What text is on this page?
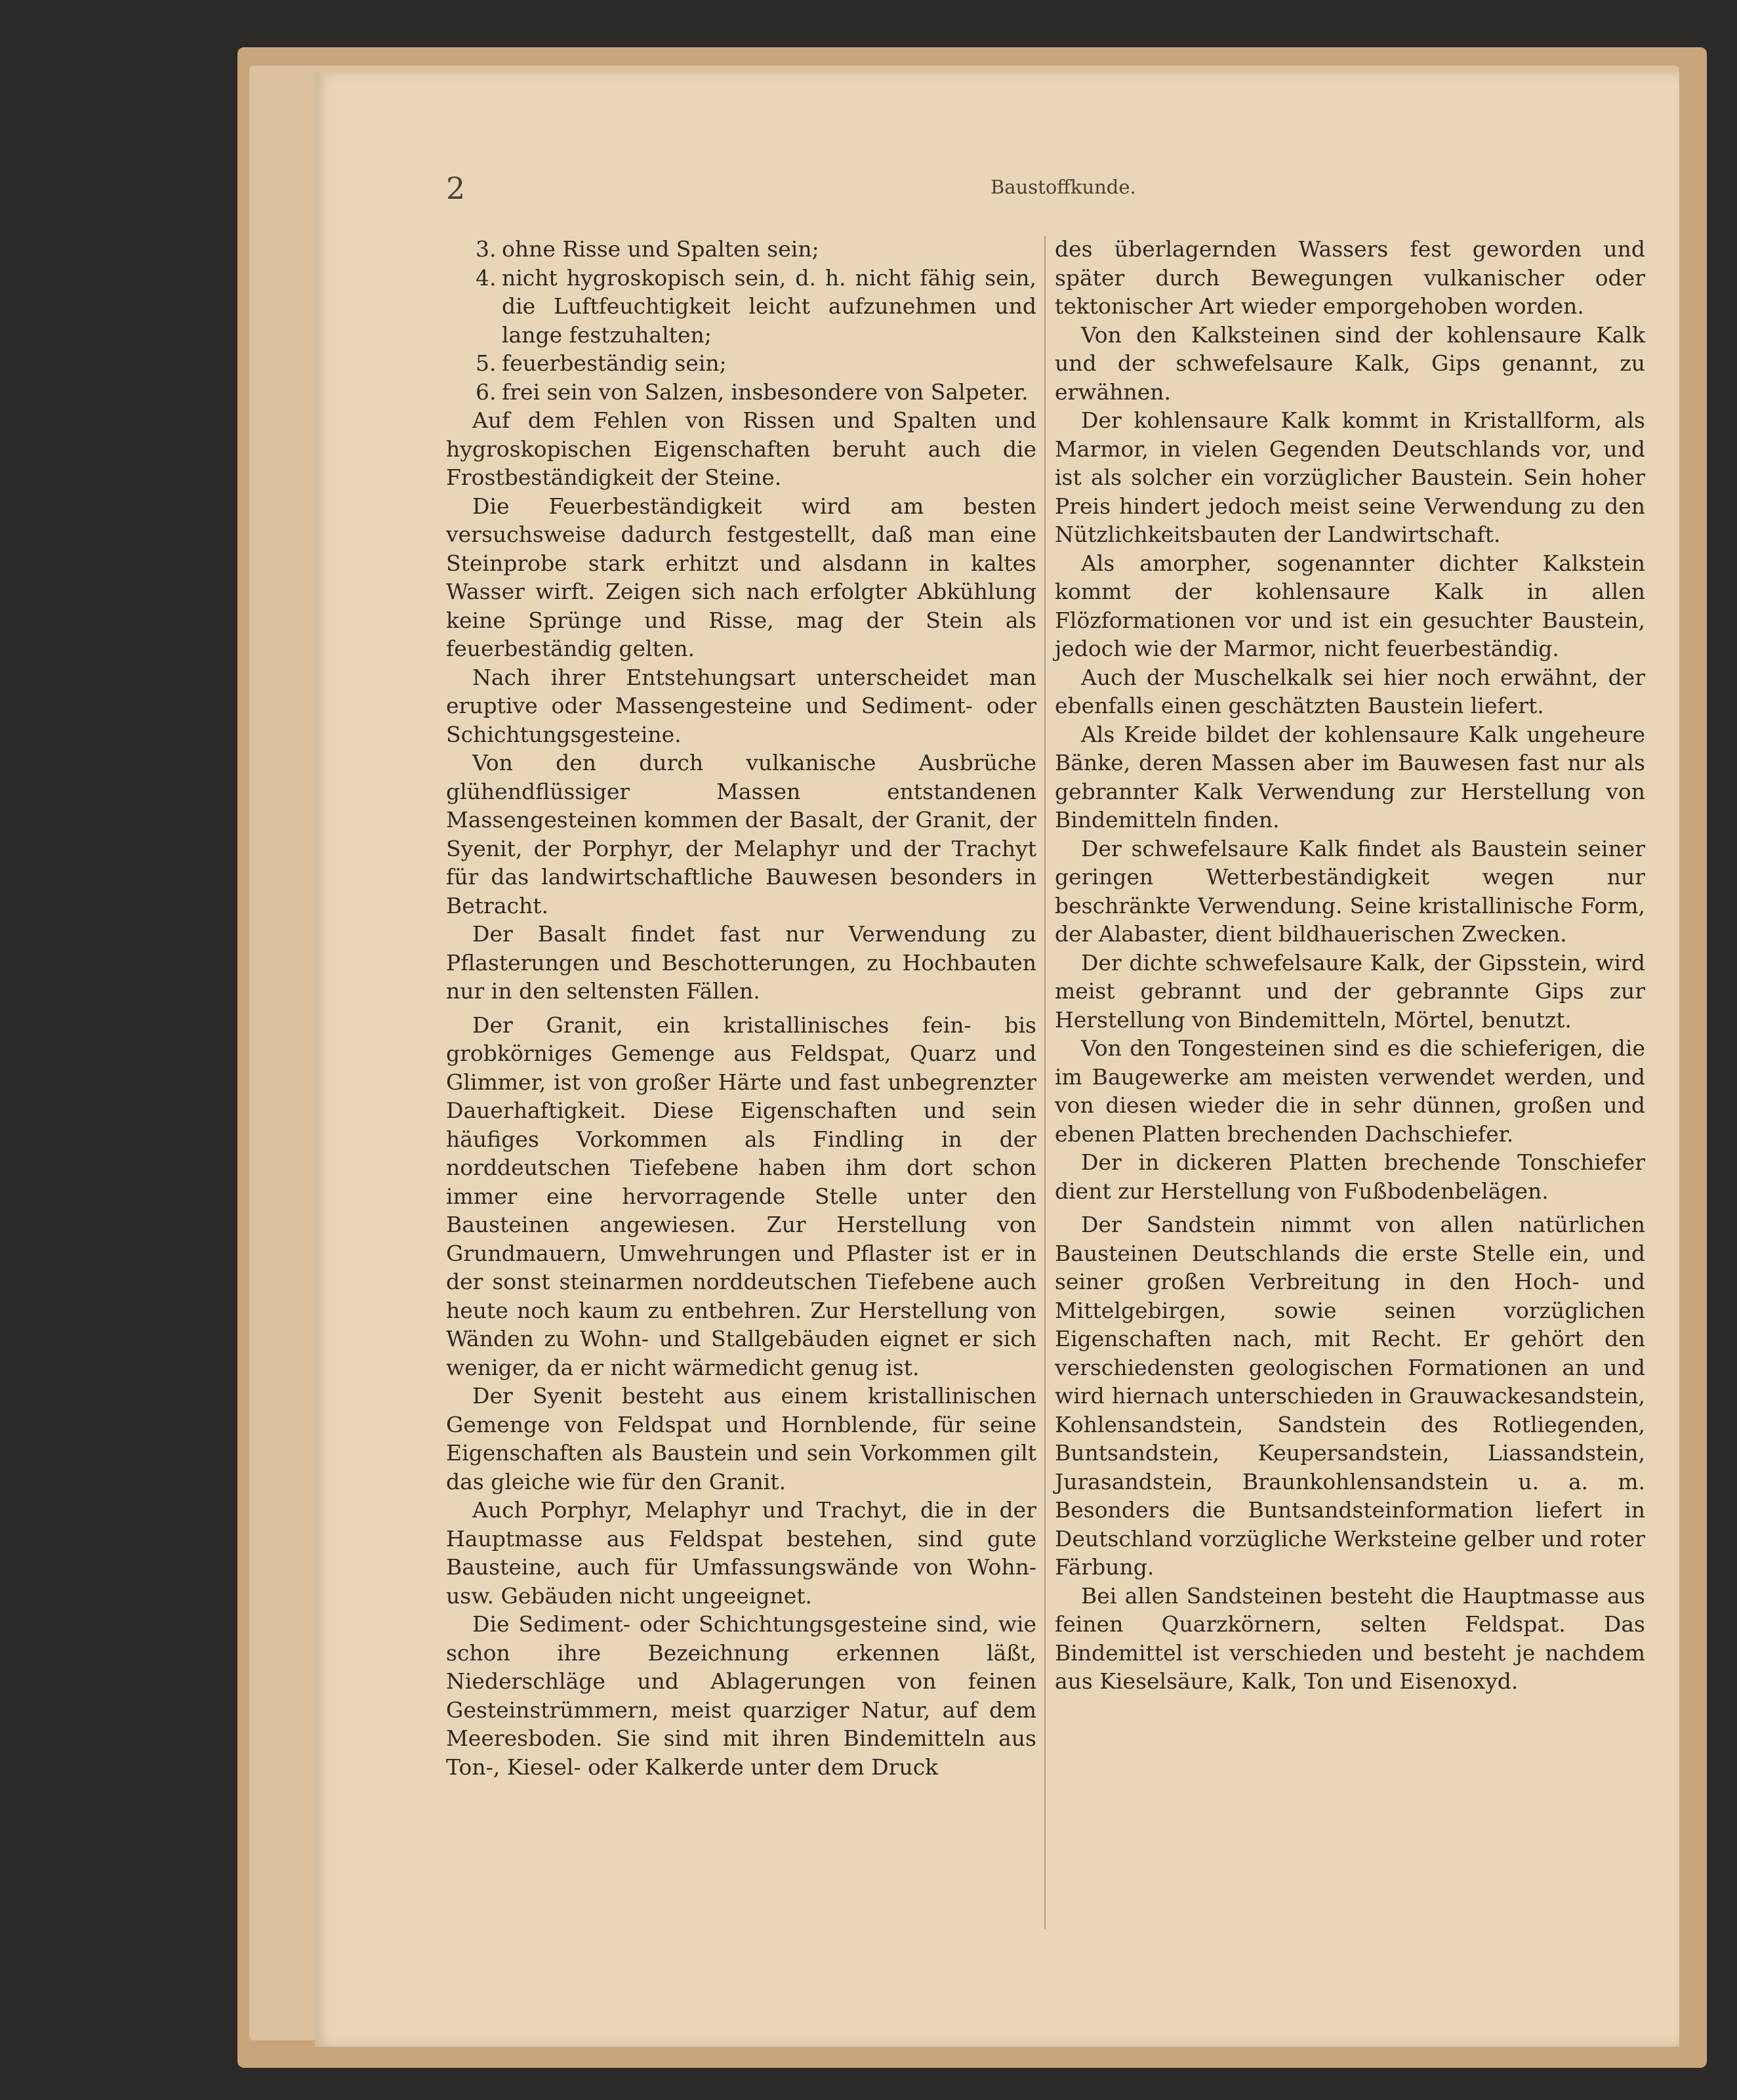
2	Baustoffkunde.

3. ohne Risse und Spalten sein;

4. nicht hygroskopisch sein, d. h. nicht fähig sein, die Luftfeuchtigkeit leicht aufzunehmen und lange festzuhalten;

5. feuerbeständig sein;

6. frei sein von Salzen, insbesondere von Salpeter.

Auf dem Fehlen von Rissen und Spalten und hygroskopischen Eigenschaften beruht auch die Frostbeständigkeit der Steine.

Die Feuerbeständigkeit wird am besten versuchsweise dadurch festgestellt, daß man eine Steinprobe stark erhitzt und alsdann in kaltes Wasser wirft. Zeigen sich nach erfolgter Abkühlung keine Sprünge und Risse, mag der Stein als feuerbeständig gelten.

Nach ihrer Entstehungsart unterscheidet man eruptive oder Massengesteine und Sediment- oder Schichtungsgesteine.

Von den durch vulkanische Ausbrüche glühendflüssiger Massen entstandenen Massengesteinen kommen der Basalt, der Granit, der Syenit, der Porphyr, der Melaphyr und der Trachyt für das landwirtschaftliche Bauwesen besonders in Betracht.

Der Basalt findet fast nur Verwendung zu Pflasterungen und Beschotterungen, zu Hochbauten nur in den seltensten Fällen.

Der Granit, ein kristallinisches fein- bis grobkörniges Gemenge aus Feldspat, Quarz und Glimmer, ist von großer Härte und fast unbegrenzter Dauerhaftigkeit. Diese Eigenschaften und sein häufiges Vorkommen als Findling in der norddeutschen Tiefebene haben ihm dort schon immer eine hervorragende Stelle unter den Bausteinen angewiesen. Zur Herstellung von Grundmauern, Umwehrungen und Pflaster ist er in der sonst steinarmen norddeutschen Tiefebene auch heute noch kaum zu entbehren. Zur Herstellung von Wänden zu Wohn- und Stallgebäuden eignet er sich weniger, da er nicht wärmedicht genug ist.

Der Syenit besteht aus einem kristallinischen Gemenge von Feldspat und Hornblende, für seine Eigenschaften als Baustein und sein Vorkommen gilt das gleiche wie für den Granit.

Auch Porphyr, Melaphyr und Trachyt, die in der Hauptmasse aus Feldspat bestehen, sind gute Bausteine, auch für Umfassungswände von Wohn- usw. Gebäuden nicht ungeeignet.

Die Sediment- oder Schichtungsgesteine sind, wie schon ihre Bezeichnung erkennen läßt, Niederschläge und Ablagerungen von feinen Gesteinstrümmern, meist quarziger Natur, auf dem Meeresboden. Sie sind mit ihren Bindemitteln aus Ton-, Kiesel- oder Kalkerde unter dem Druck

des überlagernden Wassers fest geworden und später durch Bewegungen vulkanischer oder tektonischer Art wieder emporgehoben worden.

Von den Kalksteinen sind der kohlensaure Kalk und der schwefelsaure Kalk, Gips genannt, zu erwähnen.

Der kohlensaure Kalk kommt in Kristallform, als Marmor, in vielen Gegenden Deutschlands vor, und ist als solcher ein vorzüglicher Baustein. Sein hoher Preis hindert jedoch meist seine Verwendung zu den Nützlichkeitsbauten der Landwirtschaft.

Als amorpher, sogenannter dichter Kalkstein kommt der kohlensaure Kalk in allen Flözformationen vor und ist ein gesuchter Baustein, jedoch wie der Marmor, nicht feuerbeständig.

Auch der Muschelkalk sei hier noch erwähnt, der ebenfalls einen geschätzten Baustein liefert.

Als Kreide bildet der kohlensaure Kalk ungeheure Bänke, deren Massen aber im Bauwesen fast nur als gebrannter Kalk Verwendung zur Herstellung von Bindemitteln finden.

Der schwefelsaure Kalk findet als Baustein seiner geringen Wetterbeständigkeit wegen nur beschränkte Verwendung. Seine kristallinische Form, der Alabaster, dient bildhauerischen Zwecken.

Der dichte schwefelsaure Kalk, der Gipsstein, wird meist gebrannt und der gebrannte Gips zur Herstellung von Bindemitteln, Mörtel, benutzt.

Von den Tongesteinen sind es die schieferigen, die im Baugewerke am meisten verwendet werden, und von diesen wieder die in sehr dünnen, großen und ebenen Platten brechenden Dachschiefer.

Der in dickeren Platten brechende Tonschiefer dient zur Herstellung von Fußbodenbelägen.

Der Sandstein nimmt von allen natürlichen Bausteinen Deutschlands die erste Stelle ein, und seiner großen Verbreitung in den Hoch- und Mittelgebirgen, sowie seinen vorzüglichen Eigenschaften nach, mit Recht. Er gehört den verschiedensten geologischen Formationen an und wird hiernach unterschieden in Grauwackesandstein, Kohlensandstein, Sandstein des Rotliegenden, Buntsandstein, Keupersandstein, Liassandstein, Jurasandstein, Braunkohlensandstein u. a. m. Besonders die Buntsandsteinformation liefert in Deutschland vorzügliche Werksteine gelber und roter Färbung.

Bei allen Sandsteinen besteht die Hauptmasse aus feinen Quarzkörnern, selten Feldspat. Das Bindemittel ist verschieden und besteht je nachdem aus Kieselsäure, Kalk, Ton und Eisenoxyd.
